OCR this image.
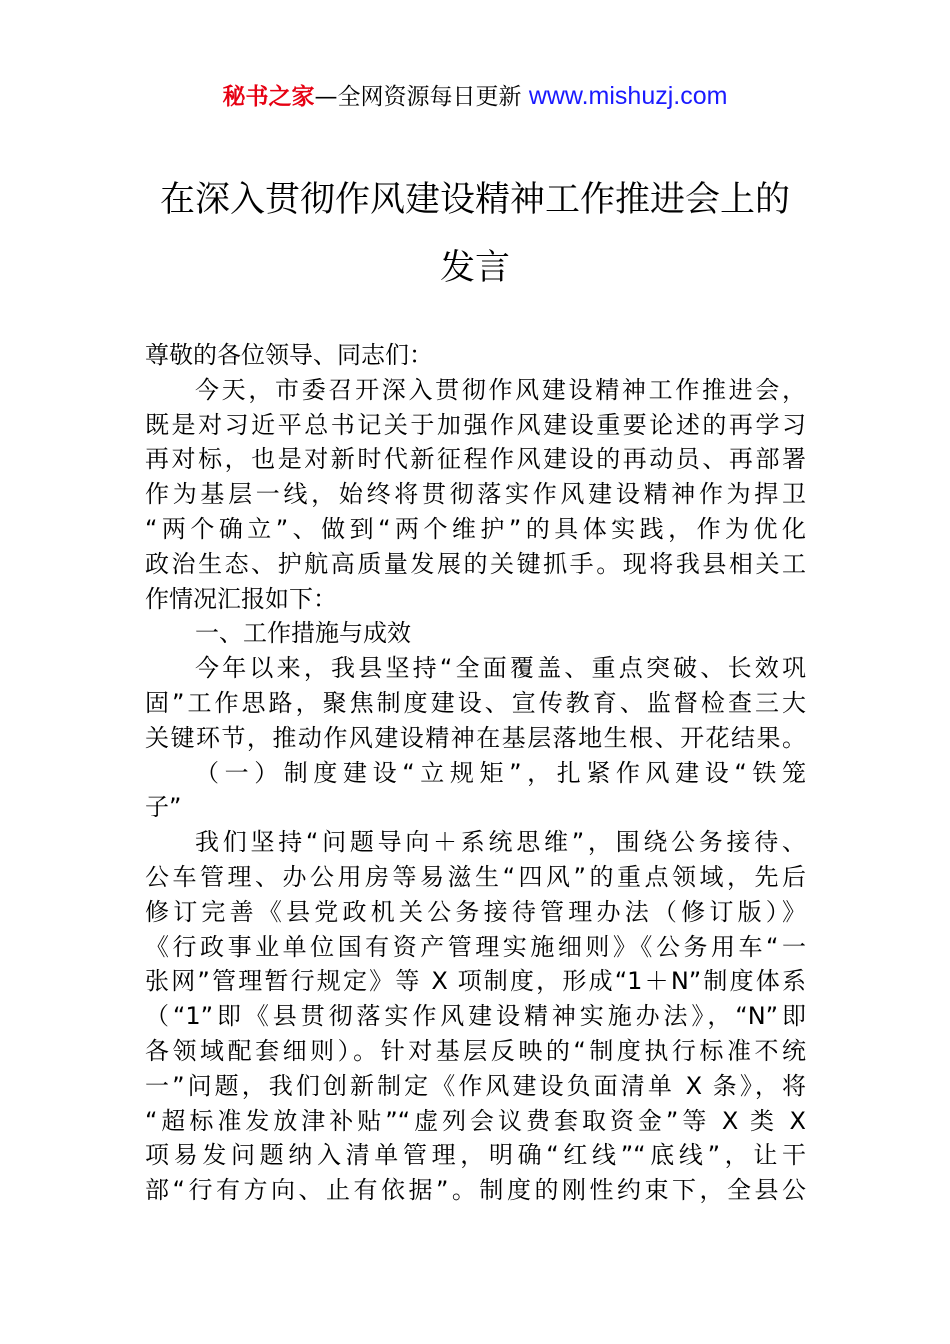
秘书之家—全网资源每日更新 www.mishuzj.com
在深入贯彻作风建设精神工作推进会上的
发言
尊敬的各位领导、同志们：
今天，市委召开深入贯彻作风建设精神工作推进会，
既是对习近平总书记关于加强作风建设重要论述的再学习
再对标，也是对新时代新征程作风建设的再动员、再部署
作为基层一线，始终将贯彻落实作风建设精神作为捍卫
“两个确立”、做到“两个维护”的具体实践，作为优化
政治生态、护航高质量发展的关键抓手。现将我县相关工
作情况汇报如下：
一、工作措施与成效
今年以来，我县坚持“全面覆盖、重点突破、长效巩
固”工作思路，聚焦制度建设、宣传教育、监督检查三大
关键环节，推动作风建设精神在基层落地生根、开花结果。
（一）制度建设“立规矩”，扎紧作风建设“铁笼
子”
我们坚持“问题导向＋系统思维”，围绕公务接待、
公车管理、办公用房等易滋生“四风”的重点领域，先后
修订完善《县党政机关公务接待管理办法（修订版）》
《行政事业单位国有资产管理实施细则》《公务用车“一
张网”管理暂行规定》等 X 项制度，形成“1＋N”制度体系
（“1”即《县贯彻落实作风建设精神实施办法》，“N”即
各领域配套细则）。针对基层反映的“制度执行标准不统
一”问题，我们创新制定《作风建设负面清单 X 条》，将
“超标准发放津补贴”“虚列会议费套取资金”等 X 类 X
项易发问题纳入清单管理，明确“红线”“底线”，让干
部“行有方向、止有依据”。制度的刚性约束下，全县公
